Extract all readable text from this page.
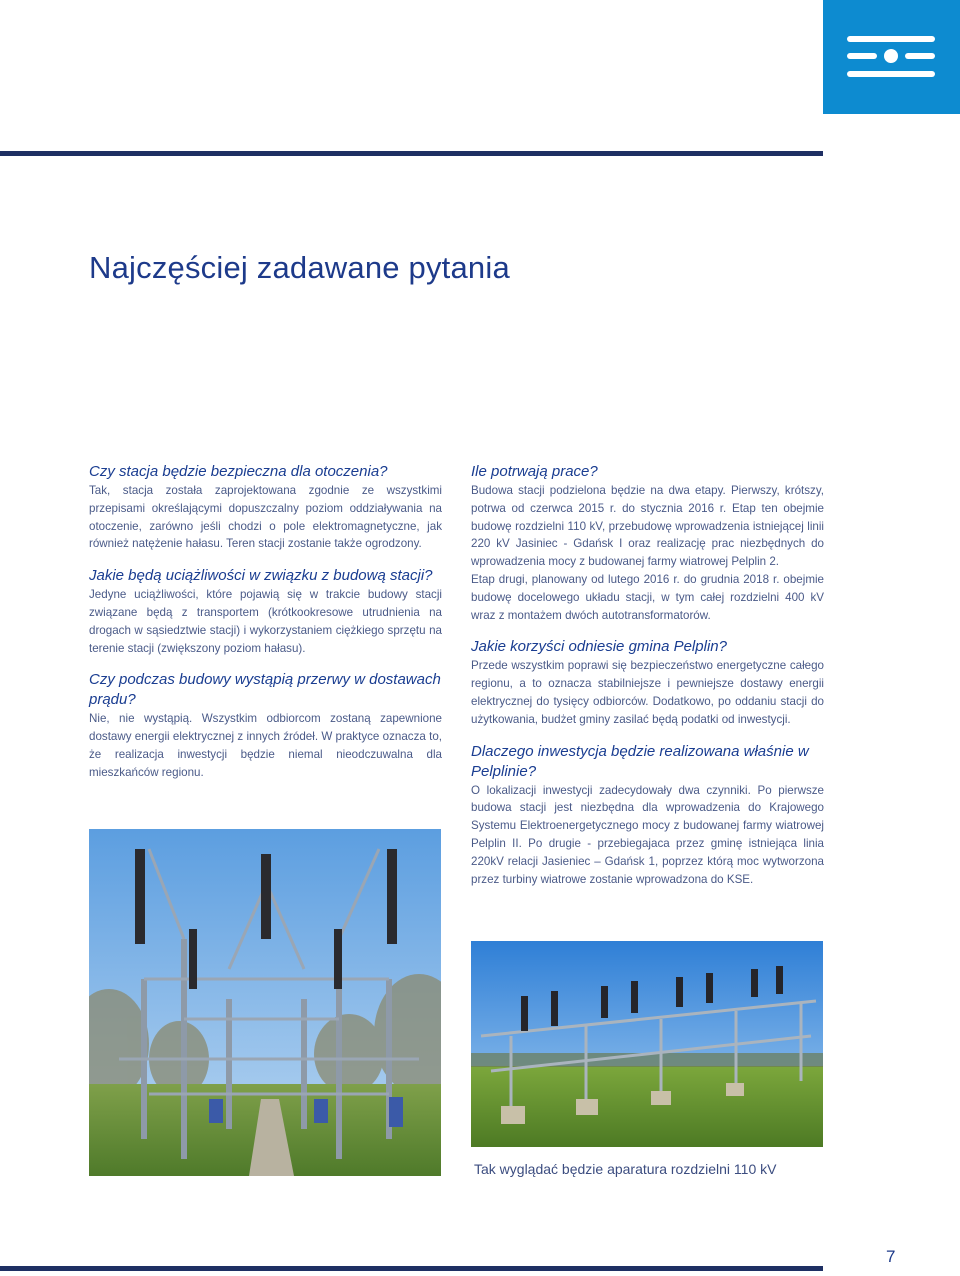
Najczęściej zadawane pytania
Czy stacja będzie bezpieczna dla otoczenia?

Tak, stacja została zaprojektowana zgodnie ze wszystkimi przepisami określającymi dopuszczalny poziom oddziaływania na otoczenie, zarówno jeśli chodzi o pole elektromagnetyczne, jak również natężenie hałasu. Teren stacji zostanie także ogrodzony.

Jakie będą uciążliwości w związku z budową stacji?

Jedyne uciążliwości, które pojawią się w trakcie budowy stacji związane będą z transportem (krótkookresowe utrudnienia na drogach w sąsiedztwie stacji) i wykorzystaniem ciężkiego sprzętu na terenie stacji (zwiększony poziom hałasu).

Czy podczas budowy wystąpią przerwy w dostawach prądu?

Nie, nie wystąpią. Wszystkim odbiorcom zostaną zapewnione dostawy energii elektrycznej z innych źródeł. W praktyce oznacza to, że realizacja inwestycji będzie niemal nieodczuwalna dla mieszkańców regionu.

Ile potrwają prace?

Budowa stacji podzielona będzie na dwa etapy. Pierwszy, krótszy, potrwa od czerwca 2015 r. do stycznia 2016 r. Etap ten obejmie budowę rozdzielni 110 kV, przebudowę wprowadzenia istniejącej linii 220 kV Jasiniec - Gdańsk I oraz realizację prac niezbędnych do wprowadzenia mocy z budowanej farmy wiatrowej Pelplin 2.

Etap drugi, planowany od lutego 2016 r. do grudnia 2018 r. obejmie budowę docelowego układu stacji, w tym całej rozdzielni 400 kV wraz z montażem dwóch autotransformatorów.

Jakie korzyści odniesie gmina Pelplin?

Przede wszystkim poprawi się bezpieczeństwo energetyczne całego regionu, a to oznacza stabilniejsze i pewniejsze dostawy energii elektrycznej do tysięcy odbiorców. Dodatkowo, po oddaniu stacji do użytkowania, budżet gminy zasilać będą podatki od inwestycji.

Dlaczego inwestycja będzie realizowana właśnie w Pelplinie?

O lokalizacji inwestycji zadecydowały dwa czynniki. Po pierwsze budowa stacji jest niezbędna dla wprowadzenia do Krajowego Systemu Elektroenergetycznego mocy z budowanej farmy wiatrowej Pelplin II. Po drugie - przebiegajaca przez gminę istniejąca linia 220kV relacji Jasieniec – Gdańsk 1, poprzez którą moc wytworzona przez turbiny wiatrowe zostanie wprowadzona do KSE.

Tak wyglądać będzie aparatura rozdzielni 110 kV

7
